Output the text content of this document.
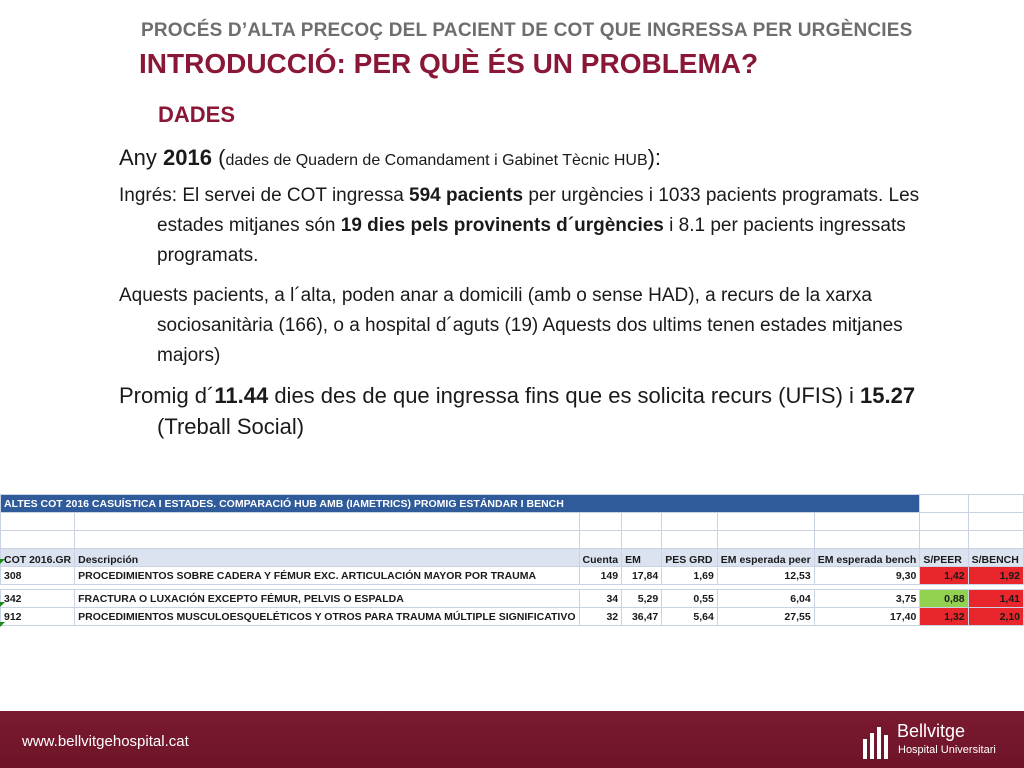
PROCÉS D’ALTA PRECOÇ DEL PACIENT DE COT QUE INGRESSA PER URGÈNCIES
INTRODUCCIÓ: PER QUÈ ÉS UN PROBLEMA?
DADES
Any 2016 (dades de Quadern de Comandament i Gabinet Tècnic HUB):
Ingrés: El servei de COT ingressa 594 pacients per urgències i 1033 pacients programats. Les estades mitjanes són 19 dies pels provinents d´urgències i 8.1 per pacients ingressats programats.
Aquests pacients, a l´alta, poden anar a domicili (amb o sense HAD), a recurs de la xarxa sociosanitària (166), o a hospital d´aguts (19) Aquests dos ultims tenen estades mitjanes majors)
Promig d´11.44 dies des de que ingressa fins que es solicita recurs (UFIS) i 15.27 (Treball Social)
ALTES COT 2016 CASUÍSTICA I ESTADES. COMPARACIÓ HUB AMB (IAMETRICS) PROMIG ESTÁNDAR I BENCH								

COT 2016.GR	Descripción	Cuenta	EM	PES GRD	EM esperada peer	EM esperada bench	S/PEER	S/BENCH
308	PROCEDIMIENTOS SOBRE CADERA Y FÉMUR EXC. ARTICULACIÓN MAYOR POR TRAUMA	149	17,84	1,69	12,53	9,30	1,42	1,92

342	FRACTURA O LUXACIÓN EXCEPTO FÉMUR, PELVIS O ESPALDA	34	5,29	0,55	6,04	3,75	0,88	1,41
912	PROCEDIMIENTOS MUSCULOESQUELÉTICOS Y OTROS PARA TRAUMA MÚLTIPLE SIGNIFICATIVO	32	36,47	5,64	27,55	17,40	1,32	2,10
www.bellvitgehospital.cat
Bellvitge
Hospital Universitari
